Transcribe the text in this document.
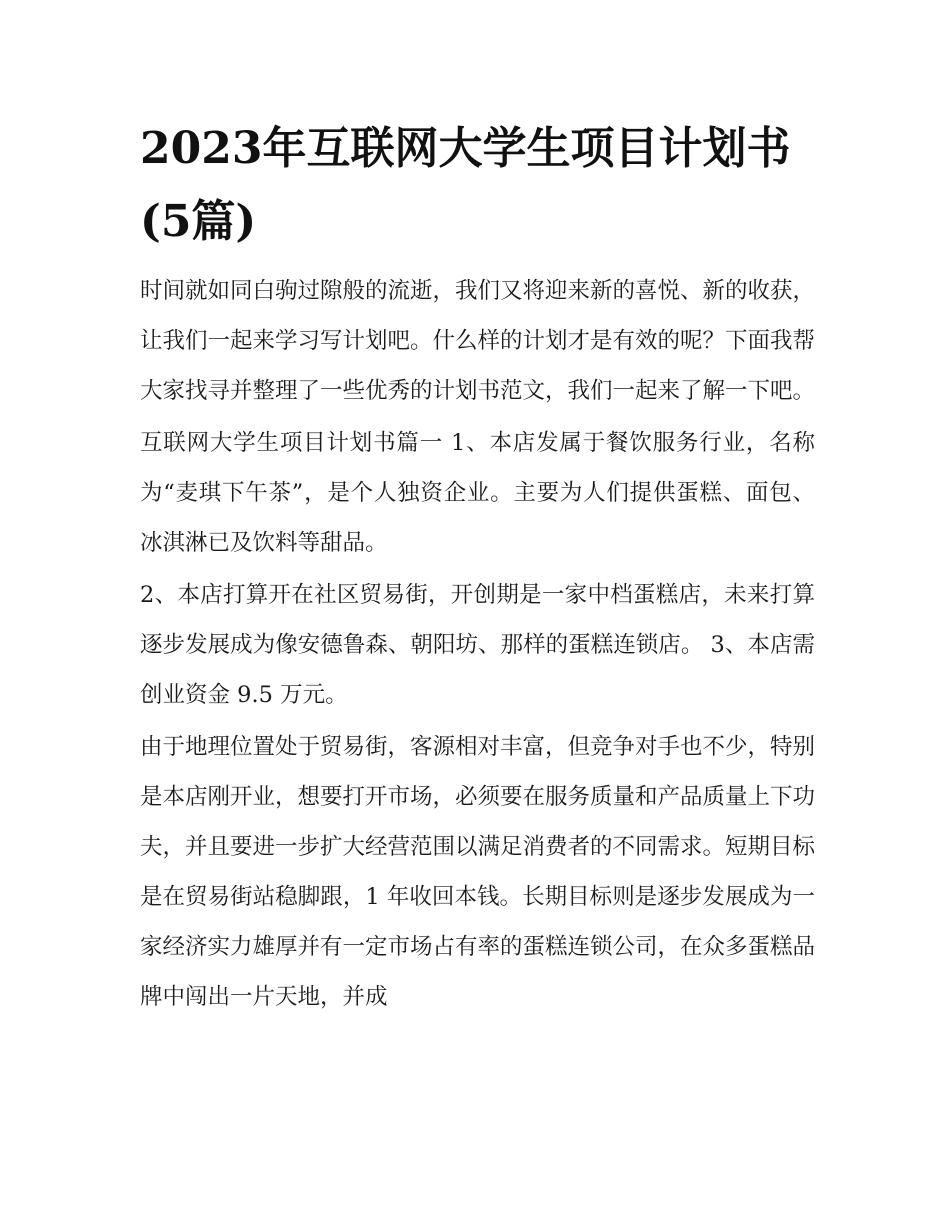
2023年互联网大学生项目计划书(5篇)

时间就如同白驹过隙般的流逝，我们又将迎来新的喜悦、新的收获，让我们一起来学习写计划吧。什么样的计划才是有效的呢？下面我帮大家找寻并整理了一些优秀的计划书范文，我们一起来了解一下吧。

互联网大学生项目计划书篇一 1、本店发属于餐饮服务行业，名称为“麦琪下午茶”，是个人独资企业。主要为人们提供蛋糕、面包、冰淇淋已及饮料等甜品。

2、本店打算开在社区贸易街，开创期是一家中档蛋糕店，未来打算逐步发展成为像安德鲁森、朝阳坊、那样的蛋糕连锁店。 3、本店需创业资金 9.5 万元。

由于地理位置处于贸易街，客源相对丰富，但竞争对手也不少，特别是本店刚开业，想要打开市场，必须要在服务质量和产品质量上下功夫，并且要进一步扩大经营范围以满足消费者的不同需求。短期目标是在贸易街站稳脚跟，1 年收回本钱。长期目标则是逐步发展成为一家经济实力雄厚并有一定市场占有率的蛋糕连锁公司，在众多蛋糕品牌中闯出一片天地，并成
